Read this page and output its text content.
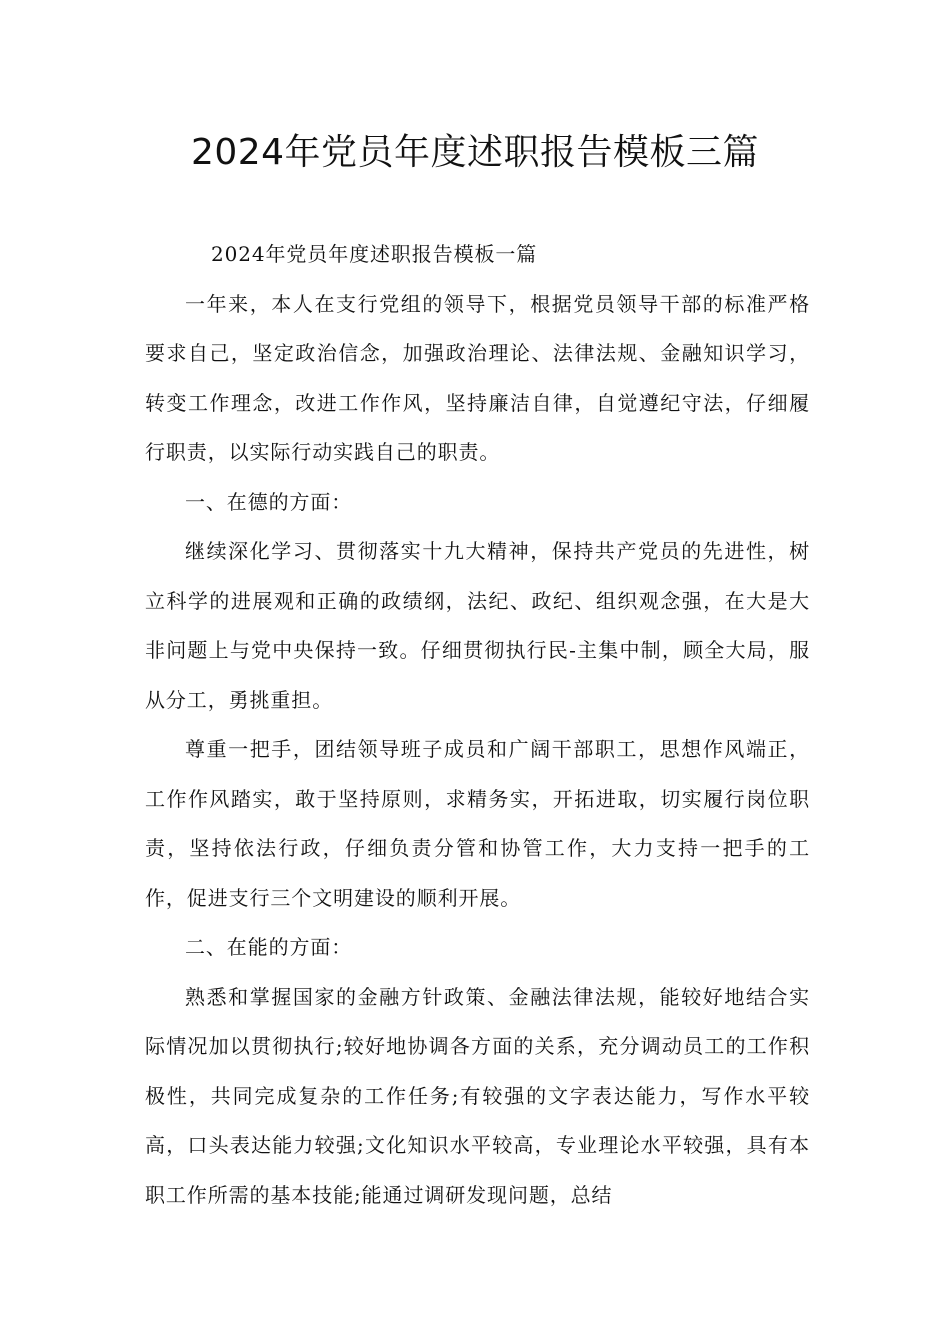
2024年党员年度述职报告模板三篇

2024年党员年度述职报告模板一篇

一年来，本人在支行党组的领导下，根据党员领导干部的标准严格要求自己，坚定政治信念，加强政治理论、法律法规、金融知识学习，转变工作理念，改进工作作风，坚持廉洁自律，自觉遵纪守法，仔细履行职责，以实际行动实践自己的职责。

一、在德的方面：

继续深化学习、贯彻落实十九大精神，保持共产党员的先进性，树立科学的进展观和正确的政绩纲，法纪、政纪、组织观念强，在大是大非问题上与党中央保持一致。仔细贯彻执行民-主集中制，顾全大局，服从分工，勇挑重担。

尊重一把手，团结领导班子成员和广阔干部职工，思想作风端正，工作作风踏实，敢于坚持原则，求精务实，开拓进取，切实履行岗位职责，坚持依法行政，仔细负责分管和协管工作，大力支持一把手的工作，促进支行三个文明建设的顺利开展。

二、在能的方面：

熟悉和掌握国家的金融方针政策、金融法律法规，能较好地结合实际情况加以贯彻执行;较好地协调各方面的关系，充分调动员工的工作积极性，共同完成复杂的工作任务;有较强的文字表达能力，写作水平较高，口头表达能力较强;文化知识水平较高，专业理论水平较强，具有本职工作所需的基本技能;能通过调研发现问题，总结
